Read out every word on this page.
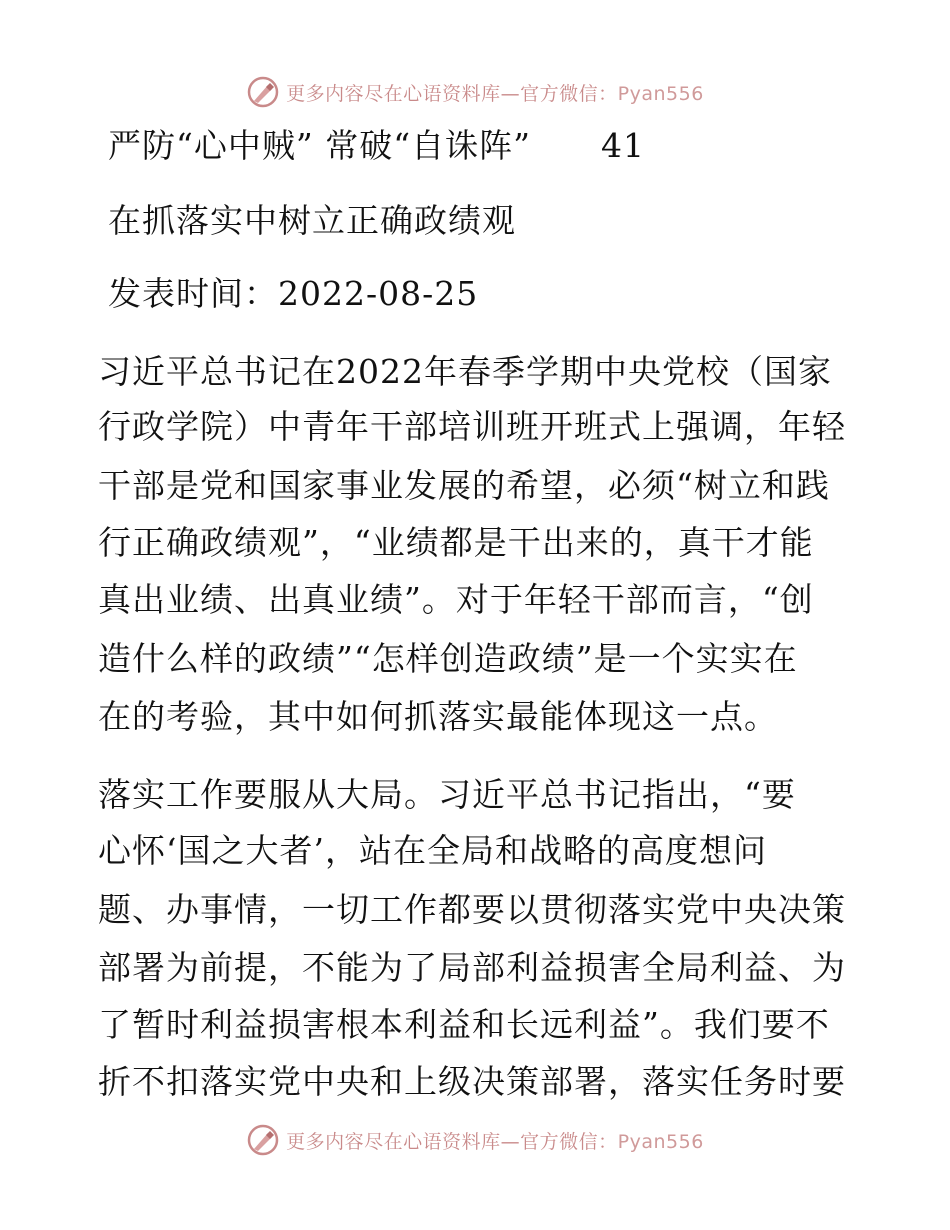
更多内容尽在心语资料库—官方微信：Pyan556
严防“心中贼” 常破“自诛阵” 41
在抓落实中树立正确政绩观
发表时间：2022-08-25
习近平总书记在2022年春季学期中央党校（国家
行政学院）中青年干部培训班开班式上强调，年轻
干部是党和国家事业发展的希望，必须“树立和践
行正确政绩观”，“业绩都是干出来的，真干才能
真出业绩、出真业绩”。对于年轻干部而言，“创
造什么样的政绩”“怎样创造政绩”是一个实实在
在的考验，其中如何抓落实最能体现这一点。
落实工作要服从大局。习近平总书记指出，“要
心怀‘国之大者’，站在全局和战略的高度想问
题、办事情，一切工作都要以贯彻落实党中央决策
部署为前提，不能为了局部利益损害全局利益、为
了暂时利益损害根本利益和长远利益”。我们要不
折不扣落实党中央和上级决策部署，落实任务时要
更多内容尽在心语资料库—官方微信：Pyan556
